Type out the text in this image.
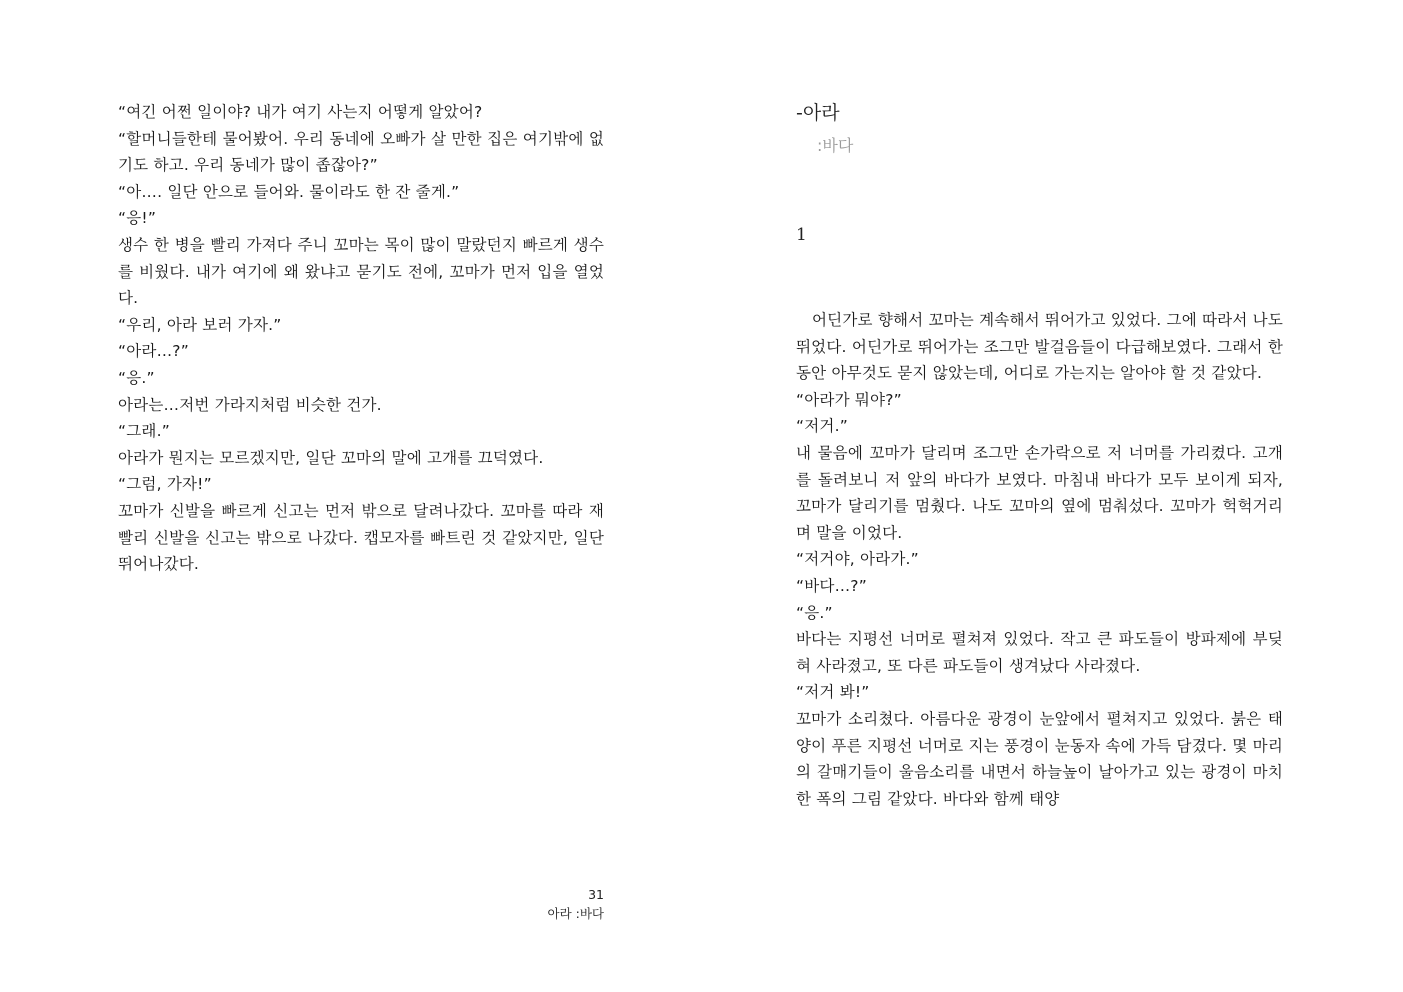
“여긴 어쩐 일이야? 내가 여기 사는지 어떻게 알았어?

“할머니들한테 물어봤어. 우리 동네에 오빠가 살 만한 집은 여기밖에 없기도 하고. 우리 동네가 많이 좁잖아?”

“아…. 일단 안으로 들어와. 물이라도 한 잔 줄게.”

“응!”

생수 한 병을 빨리 가져다 주니 꼬마는 목이 많이 말랐던지 빠르게 생수를 비웠다. 내가 여기에 왜 왔냐고 묻기도 전에, 꼬마가 먼저 입을 열었다.

“우리, 아라 보러 가자.”

“아라…?”

“응.”

아라는…저번 가라지처럼 비슷한 건가.

“그래.”

아라가 뭔지는 모르겠지만, 일단 꼬마의 말에 고개를 끄덕였다.

“그럼, 가자!”

꼬마가 신발을 빠르게 신고는 먼저 밖으로 달려나갔다. 꼬마를 따라 재빨리 신발을 신고는 밖으로 나갔다. 캡모자를 빠트린 것 같았지만, 일단 뛰어나갔다.

31
아라 :바다
-아라
:바다
1

어딘가로 향해서 꼬마는 계속해서 뛰어가고 있었다. 그에 따라서 나도 뛰었다. 어딘가로 뛰어가는 조그만 발걸음들이 다급해보였다. 그래서 한동안 아무것도 묻지 않았는데, 어디로 가는지는 알아야 할 것 같았다.

“아라가 뭐야?”

“저거.”

내 물음에 꼬마가 달리며 조그만 손가락으로 저 너머를 가리켰다. 고개를 돌려보니 저 앞의 바다가 보였다. 마침내 바다가 모두 보이게 되자, 꼬마가 달리기를 멈췄다. 나도 꼬마의 옆에 멈춰섰다. 꼬마가 헉헉거리며 말을 이었다.

“저거야, 아라가.”

“바다…?”

“응.”

바다는 지평선 너머로 펼쳐져 있었다. 작고 큰 파도들이 방파제에 부딪혀 사라졌고, 또 다른 파도들이 생겨났다 사라졌다.

“저거 봐!”

꼬마가 소리쳤다. 아름다운 광경이 눈앞에서 펼쳐지고 있었다. 붉은 태양이 푸른 지평선 너머로 지는 풍경이 눈동자 속에 가득 담겼다. 몇 마리의 갈매기들이 울음소리를 내면서 하늘높이 날아가고 있는 광경이 마치 한 폭의 그림 같았다. 바다와 함께 태양
